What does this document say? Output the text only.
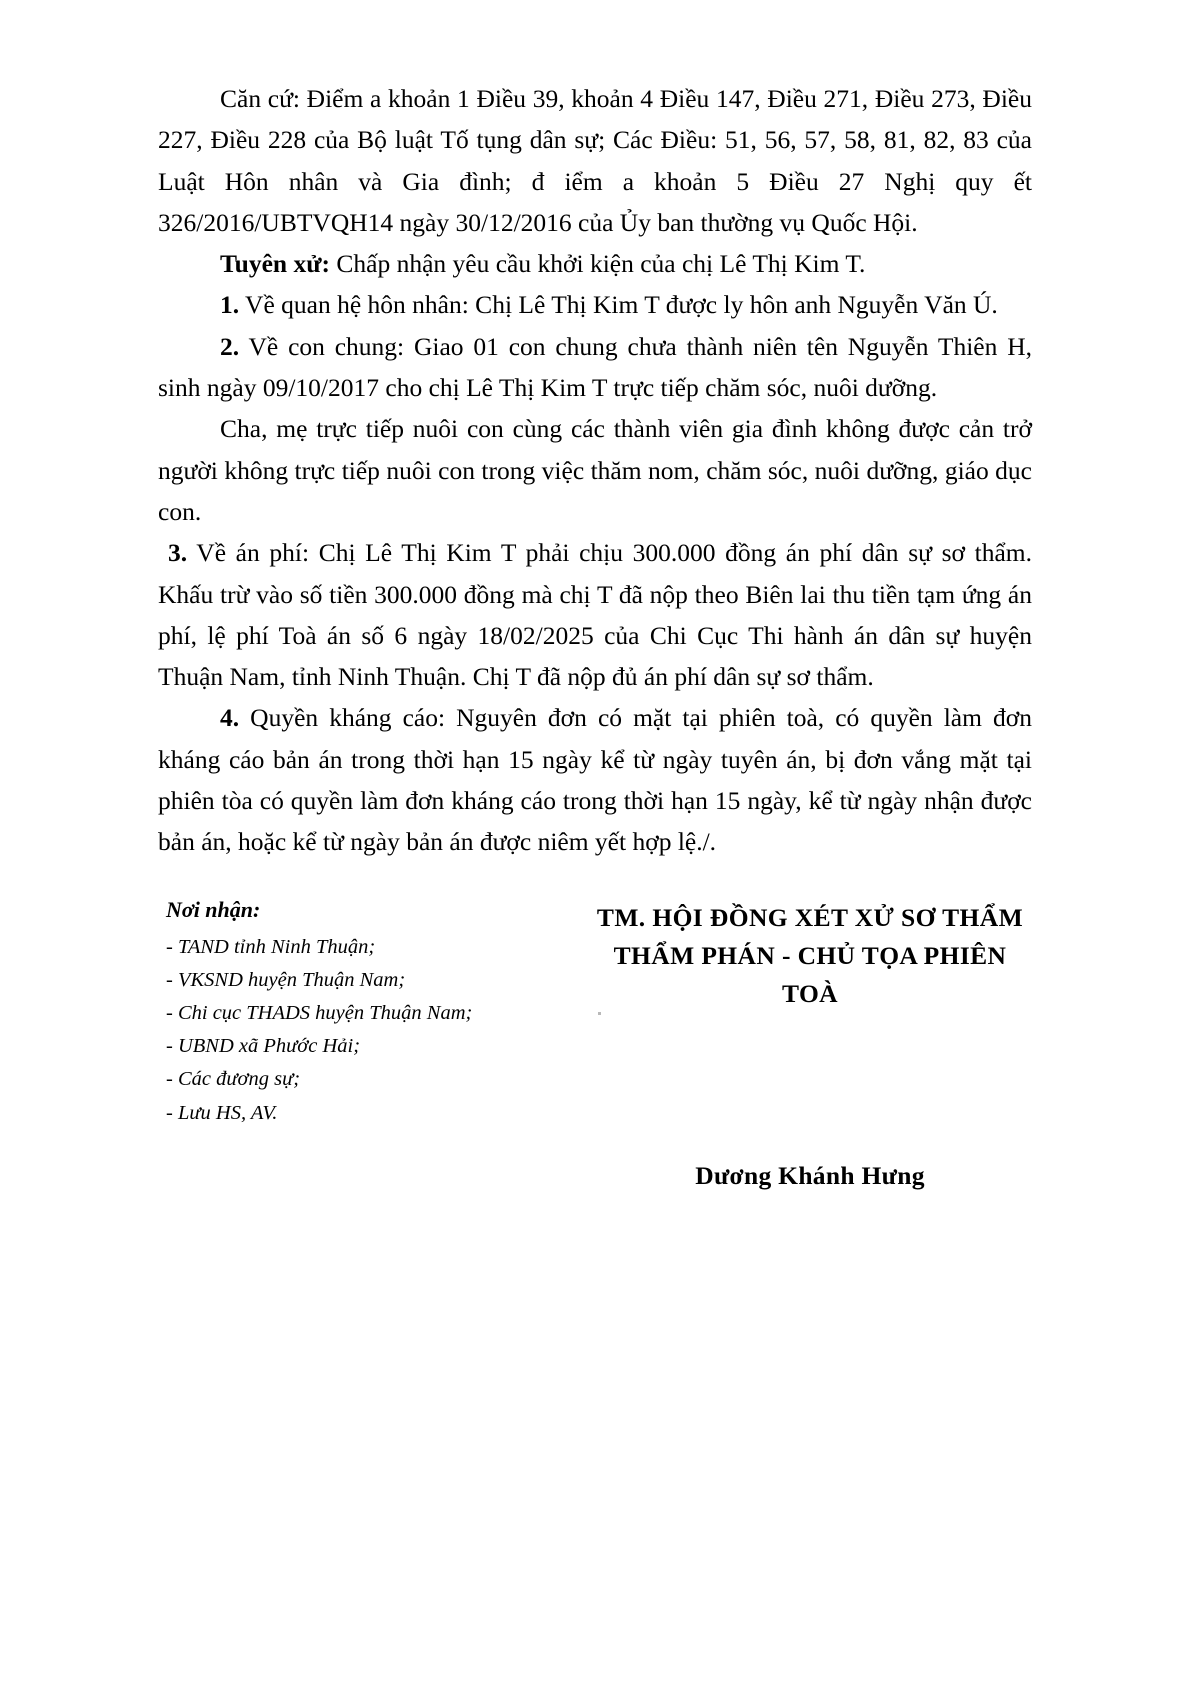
Căn cứ: Điểm a khoản 1 Điều 39, khoản 4 Điều 147, Điều 271, Điều 273, Điều 227, Điều 228 của Bộ luật Tố tụng dân sự; Các Điều: 51, 56, 57, 58, 81, 82, 83 của Luật Hôn nhân và Gia đình; đ iểm a khoản 5 Điều 27 Nghị quy ết 326/2016/UBTVQH14 ngày 30/12/2016 của Ủy ban thường vụ Quốc Hội.

Tuyên xử: Chấp nhận yêu cầu khởi kiện của chị Lê Thị Kim T.

1. Về quan hệ hôn nhân: Chị Lê Thị Kim T được ly hôn anh Nguyễn Văn Ú.

2. Về con chung: Giao 01 con chung chưa thành niên tên Nguyễn Thiên H, sinh ngày 09/10/2017 cho chị Lê Thị Kim T trực tiếp chăm sóc, nuôi dưỡng.

Cha, mẹ trực tiếp nuôi con cùng các thành viên gia đình không được cản trở người không trực tiếp nuôi con trong việc thăm nom, chăm sóc, nuôi dưỡng, giáo dục con.

3. Về án phí: Chị Lê Thị Kim T phải chịu 300.000 đồng án phí dân sự sơ thẩm. Khấu trừ vào số tiền 300.000 đồng mà chị T đã nộp theo Biên lai thu tiền tạm ứng án phí, lệ phí Toà án số 6 ngày 18/02/2025 của Chi Cục Thi hành án dân sự huyện Thuận Nam, tỉnh Ninh Thuận. Chị T đã nộp đủ án phí dân sự sơ thẩm.

4. Quyền kháng cáo: Nguyên đơn có mặt tại phiên toà, có quyền làm đơn kháng cáo bản án trong thời hạn 15 ngày kể từ ngày tuyên án, bị đơn vắng mặt tại phiên tòa có quyền làm đơn kháng cáo trong thời hạn 15 ngày, kể từ ngày nhận được bản án, hoặc kể từ ngày bản án được niêm yết hợp lệ./.

Nơi nhận:
- TAND tỉnh Ninh Thuận;
- VKSND huyện Thuận Nam;
- Chi cục THADS huyện Thuận Nam;
- UBND xã Phước Hải;
- Các đương sự;
- Lưu HS, AV.
TM. HỘI ĐỒNG XÉT XỬ SƠ THẨM
THẨM PHÁN - CHỦ TỌA PHIÊN TOÀ
Dương Khánh Hưng
